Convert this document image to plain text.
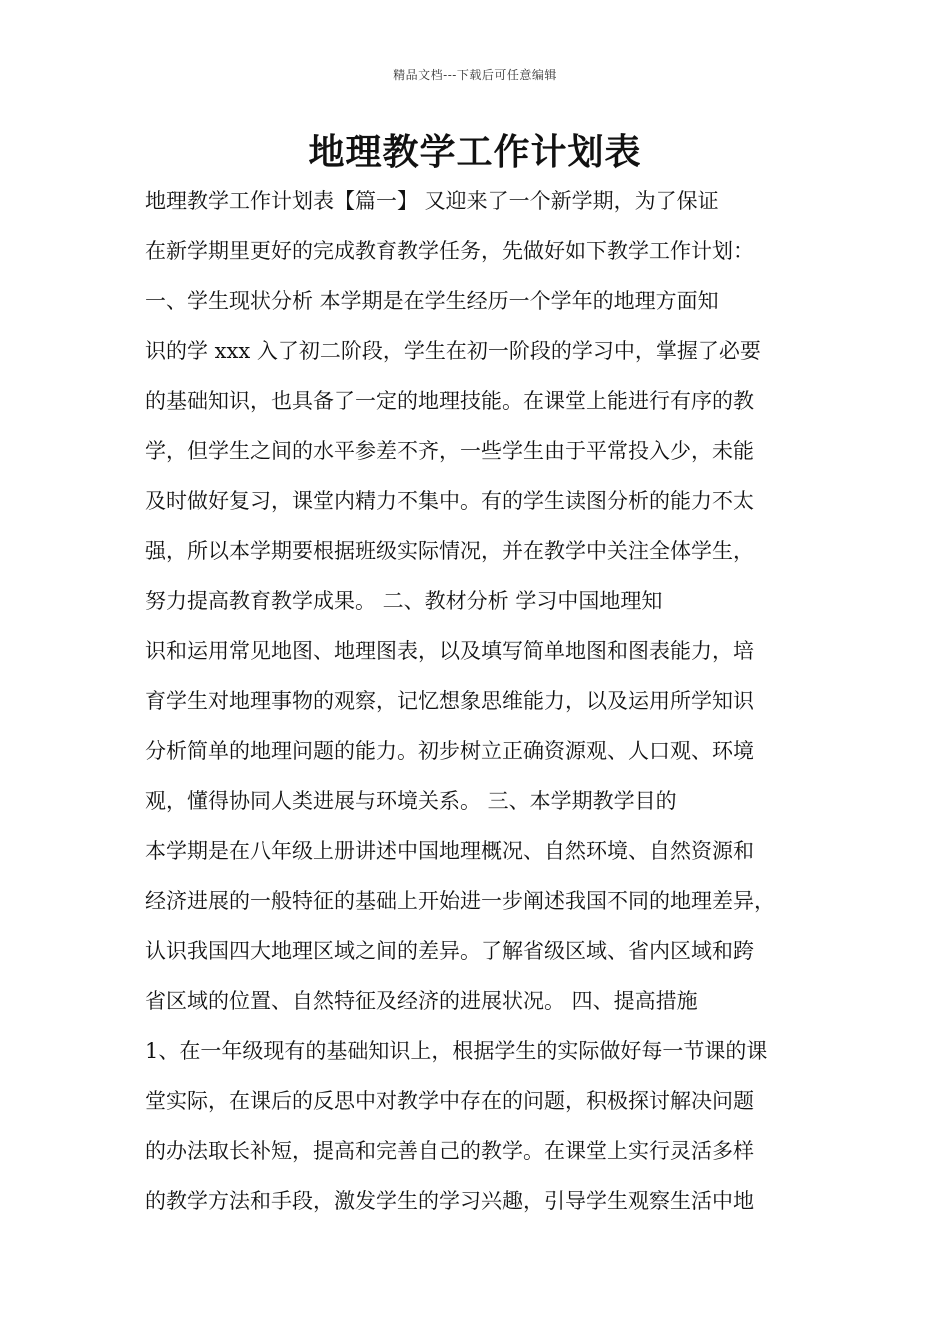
精品文档---下载后可任意编辑
地理教学工作计划表
地理教学工作计划表【篇一】 又迎来了一个新学期，为了保证
在新学期里更好的完成教育教学任务，先做好如下教学工作计划：
一、学生现状分析 本学期是在学生经历一个学年的地理方面知
识的学 xxx 入了初二阶段，学生在初一阶段的学习中，掌握了必要
的基础知识，也具备了一定的地理技能。在课堂上能进行有序的教
学，但学生之间的水平参差不齐，一些学生由于平常投入少，未能
及时做好复习，课堂内精力不集中。有的学生读图分析的能力不太
强，所以本学期要根据班级实际情况，并在教学中关注全体学生，
努力提高教育教学成果。 二、教材分析 学习中国地理知
识和运用常见地图、地理图表，以及填写简单地图和图表能力，培
育学生对地理事物的观察，记忆想象思维能力，以及运用所学知识
分析简单的地理问题的能力。初步树立正确资源观、人口观、环境
观，懂得协同人类进展与环境关系。 三、本学期教学目的
本学期是在八年级上册讲述中国地理概况、自然环境、自然资源和
经济进展的一般特征的基础上开始进一步阐述我国不同的地理差异，
认识我国四大地理区域之间的差异。了解省级区域、省内区域和跨
省区域的位置、自然特征及经济的进展状况。 四、提高措施
1、在一年级现有的基础知识上，根据学生的实际做好每一节课的课
堂实际，在课后的反思中对教学中存在的问题，积极探讨解决问题
的办法取长补短，提高和完善自己的教学。在课堂上实行灵活多样
的教学方法和手段，激发学生的学习兴趣，引导学生观察生活中地
